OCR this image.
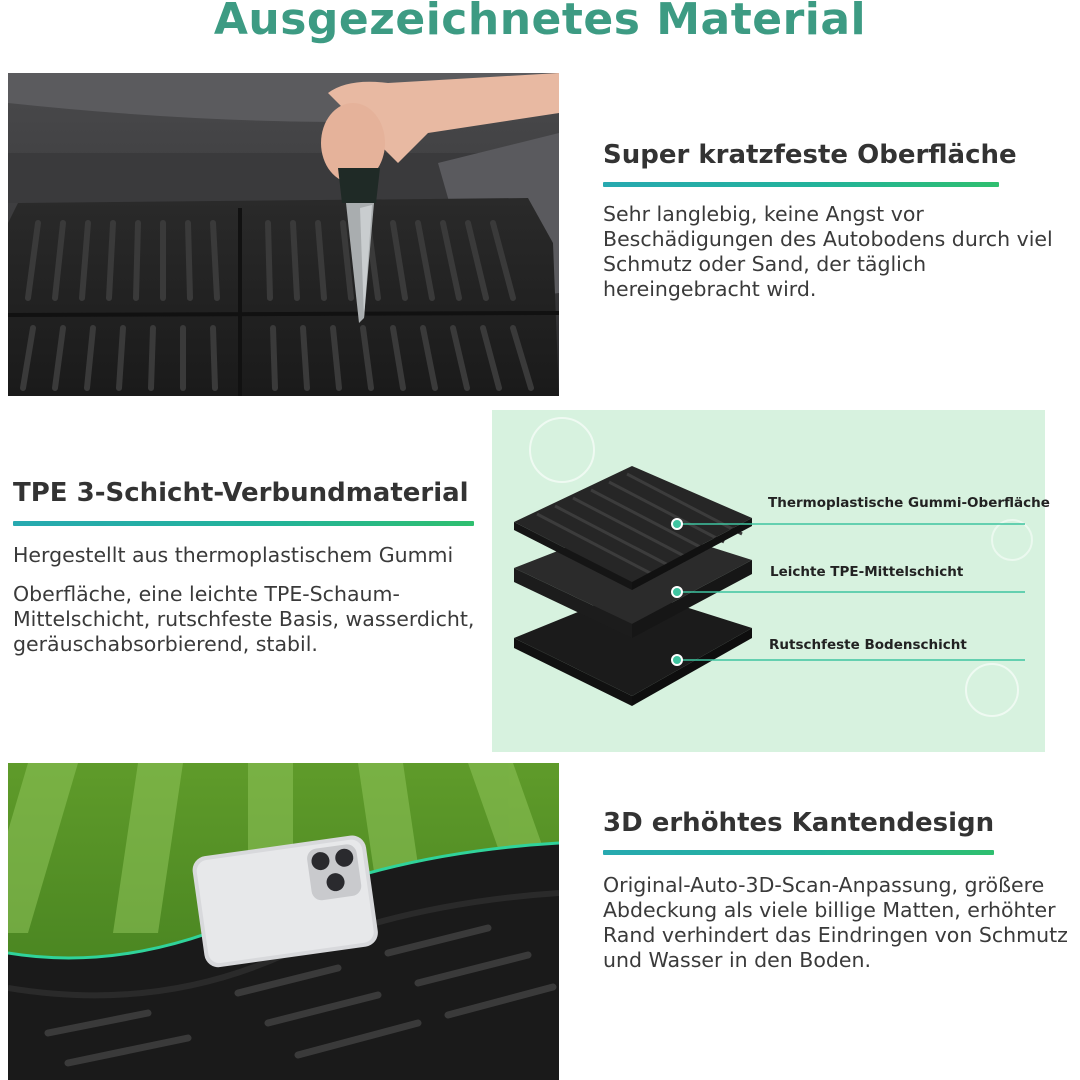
Ausgezeichnetes Material
Super kratzfeste Oberfläche
Sehr langlebig, keine Angst vor Beschädigungen des Autobodens durch viel Schmutz oder Sand, der täglich hereingebracht wird.
TPE 3-Schicht-Verbundmaterial

Hergestellt aus thermoplastischem Gummi

Oberfläche, eine leichte TPE-Schaum-Mittelschicht, rutschfeste Basis, wasserdicht, geräuschabsorbierend, stabil.

Thermoplastische Gummi-Oberfläche
Leichte TPE-Mittelschicht
Rutschfeste Bodenschicht
3D erhöhtes Kantendesign
Original-Auto-3D-Scan-Anpassung, größere Abdeckung als viele billige Matten, erhöhter Rand verhindert das Eindringen von Schmutz und Wasser in den Boden.
